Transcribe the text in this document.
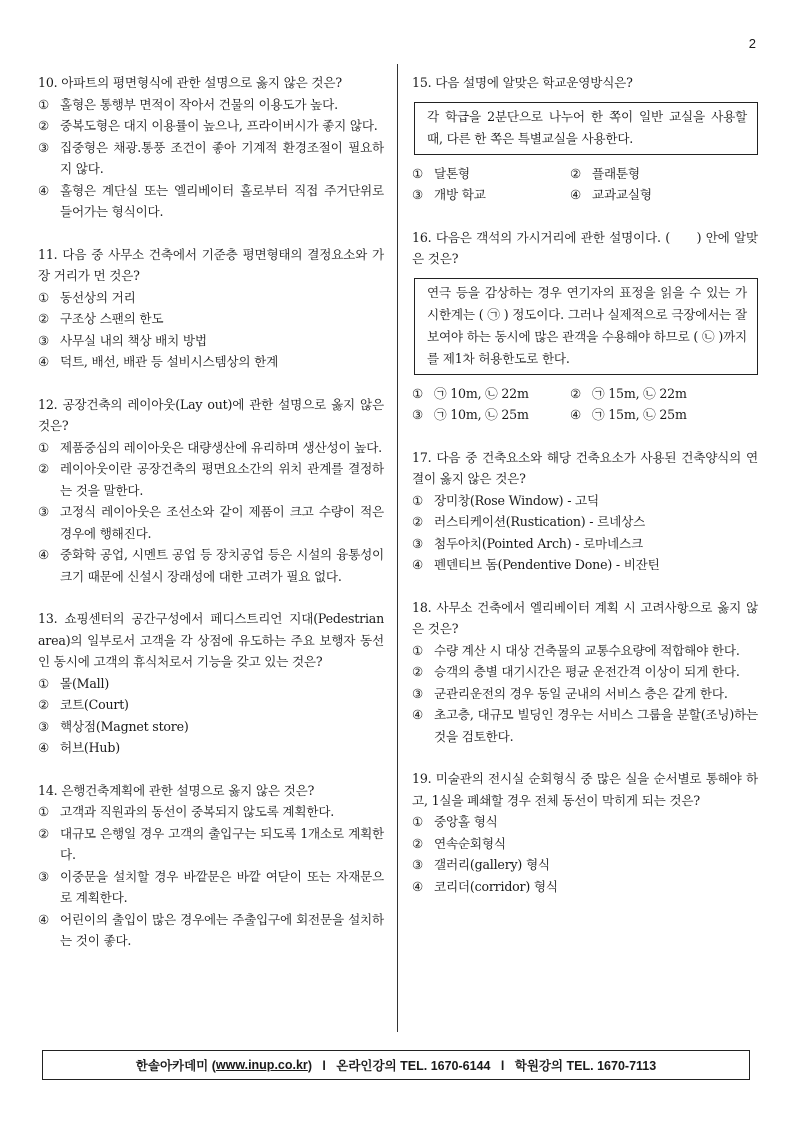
2
10. 아파트의 평면형식에 관한 설명으로 옳지 않은 것은?
① 홀형은 통행부 면적이 작아서 건물의 이용도가 높다.
② 중복도형은 대지 이용률이 높으나, 프라이버시가 좋지 않다.
③ 집중형은 채광.통풍 조건이 좋아 기계적 환경조절이 필요하지 않다.
④ 홀형은 계단실 또는 엘리베이터 홀로부터 직접 주거단위로 들어가는 형식이다.
11. 다음 중 사무소 건축에서 기준층 평면형태의 결정요소와 가장 거리가 먼 것은?
① 동선상의 거리
② 구조상 스팬의 한도
③ 사무실 내의 책상 배치 방법
④ 덕트, 배선, 배관 등 설비시스템상의 한계
12. 공장건축의 레이아웃(Lay out)에 관한 설명으로 옳지 않은 것은?
① 제품중심의 레이아웃은 대량생산에 유리하며 생산성이 높다.
② 레이아웃이란 공장건축의 평면요소간의 위치 관계를 결정하는 것을 말한다.
③ 고정식 레이아웃은 조선소와 같이 제품이 크고 수량이 적은 경우에 행해진다.
④ 중화학 공업, 시멘트 공업 등 장치공업 등은 시설의 융통성이 크기 때문에 신설시 장래성에 대한 고려가 필요 없다.
13. 쇼핑센터의 공간구성에서 페디스트리언 지대(Pedestrian area)의 일부로서 고객을 각 상점에 유도하는 주요 보행자 동선인 동시에 고객의 휴식처로서 기능을 갖고 있는 것은?
① 몰(Mall)
② 코트(Court)
③ 핵상점(Magnet store)
④ 허브(Hub)
14. 은행건축계획에 관한 설명으로 옳지 않은 것은?
① 고객과 직원과의 동선이 중복되지 않도록 계획한다.
② 대규모 은행일 경우 고객의 출입구는 되도록 1개소로 계획한다.
③ 이중문을 설치할 경우 바깥문은 바깥 여닫이 또는 자재문으로 계획한다.
④ 어린이의 출입이 많은 경우에는 주출입구에 회전문을 설치하는 것이 좋다.
15. 다음 설명에 알맞은 학교운영방식은?
각 학급을 2분단으로 나누어 한 쪽이 일반 교실을 사용할 때, 다른 한 쪽은 특별교실을 사용한다.
① 달톤형	② 플래툰형
③ 개방 학교	④ 교과교실형
16. 다음은 객석의 가시거리에 관한 설명이다. (　　) 안에 알맞은 것은?
연극 등을 감상하는 경우 연기자의 표정을 읽을 수 있는 가시한계는 ( ㉠ ) 정도이다. 그러나 실제적으로 극장에서는 잘 보여야 하는 동시에 많은 관객을 수용해야 하므로 ( ㉡ )까지를 제1차 허용한도로 한다.
① ㉠ 10m, ㉡ 22m	② ㉠ 15m, ㉡ 22m
③ ㉠ 10m, ㉡ 25m	④ ㉠ 15m, ㉡ 25m
17. 다음 중 건축요소와 해당 건축요소가 사용된 건축양식의 연결이 옳지 않은 것은?
① 장미창(Rose Window) - 고딕
② 러스티케이션(Rustication) - 르네상스
③ 첨두아치(Pointed Arch) - 로마네스크
④ 펜덴티브 돔(Pendentive Done) - 비잔틴
18. 사무소 건축에서 엘리베이터 계획 시 고려사항으로 옳지 않은 것은?
① 수량 계산 시 대상 건축물의 교통수요량에 적합해야 한다.
② 승객의 층별 대기시간은 평균 운전간격 이상이 되게 한다.
③ 군관리운전의 경우 동일 군내의 서비스 층은 같게 한다.
④ 초고층, 대규모 빌딩인 경우는 서비스 그룹을 분할(조닝)하는 것을 검토한다.
19. 미술관의 전시실 순회형식 중 많은 실을 순서별로 통해야 하고, 1실을 폐쇄할 경우 전체 동선이 막히게 되는 것은?
① 중앙홀 형식
② 연속순회형식
③ 갤러리(gallery) 형식
④ 코리더(corridor) 형식
한솔아카데미 ( www.inup.co.kr )   l   온라인강의 TEL. 1670-6144   l   학원강의 TEL. 1670-7113
